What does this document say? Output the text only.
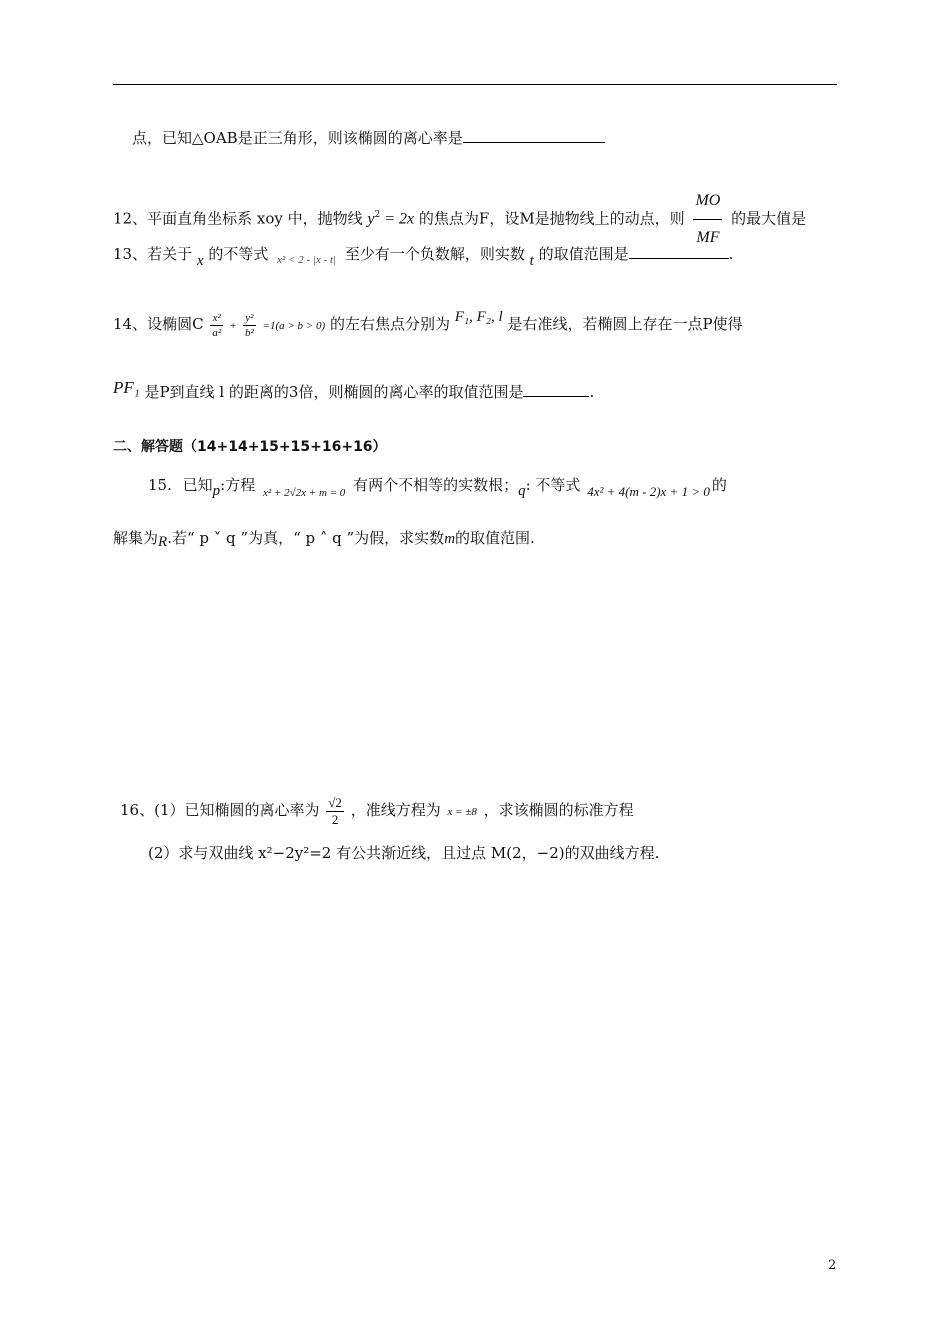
点，已知△OAB是正三角形，则该椭圆的离心率是
12、平面直角坐标系 xoy 中，抛物线 $y^2 = 2x$ 的焦点为F，设M是抛物线上的动点，则 $\frac{MO}{MF}$ 的最大值是
13、若关于 x 的不等式 $_{x^2 < 2 - |x - t|}$ 至少有一个负数解，则实数 t 的取值范围是	.
14、设椭圆C $\frac{\text{x²}}{\text{a²}} + \frac{\text{y²}}{\text{b²}} =1(a > b > 0)$ 的左右焦点分别为 F₁, F₂, l 是右准线，若椭圆上存在一点P使得
PF₁ 是P到直线 l 的距离的3倍，则椭圆的离心率的取值范围是	.
二、解答题（14+14+15+15+16+16）
15. 已知p:方程 $_{x^2 + 2√2x + m = 0}$ 有两个不相等的实数根；q: 不等式 4x² + 4(m - 2)x + 1 > 0 的
解集为R.若“ p ˅ q ”为真，“ p ˄ q ”为假，求实数m的取值范围.
16、(1）已知椭圆的离心率为 $\frac{√2}{2}$ ，准线方程为 x = ±8 ，求该椭圆的标准方程
(2）求与双曲线 x²−2y²=2 有公共渐近线，且过点 M(2，−2)的双曲线方程.
2
